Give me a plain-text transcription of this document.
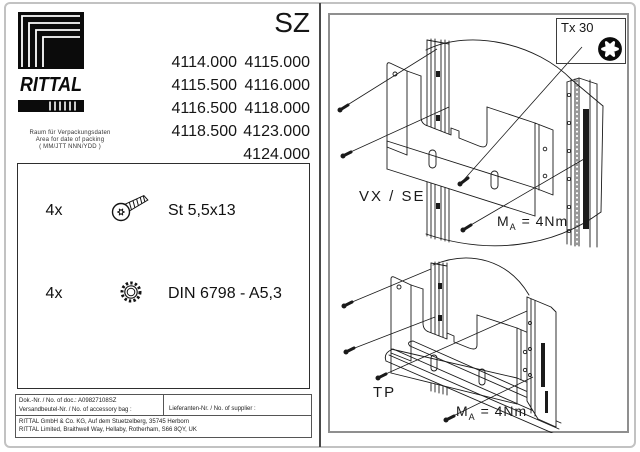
RITTAL
Raum für Verpackungsdaten
Area for date of packing
( MM/JTT NNN/YDD )
SZ
4114.000 4115.000
4115.500 4116.000
4116.500 4118.000
4118.500 4123.000
4124.000
4x	St 5,5x13
4x	DIN 6798 - A5,3
Dok.-Nr. / No. of doc.: A09827108SZ
Versandbeutel-Nr. / No. of accessory bag :	Lieferanten-Nr. / No. of supplier :
RITTAL GmbH & Co. KG, Auf dem Stuetzelberg, 35745 Herborn
RITTAL Limited, Braithwell Way, Hellaby, Rotherham, S66 8QY, UK
Tx 30
VX / SE
$M_A = 4Nm$
TP
$M_A = 4Nm$
